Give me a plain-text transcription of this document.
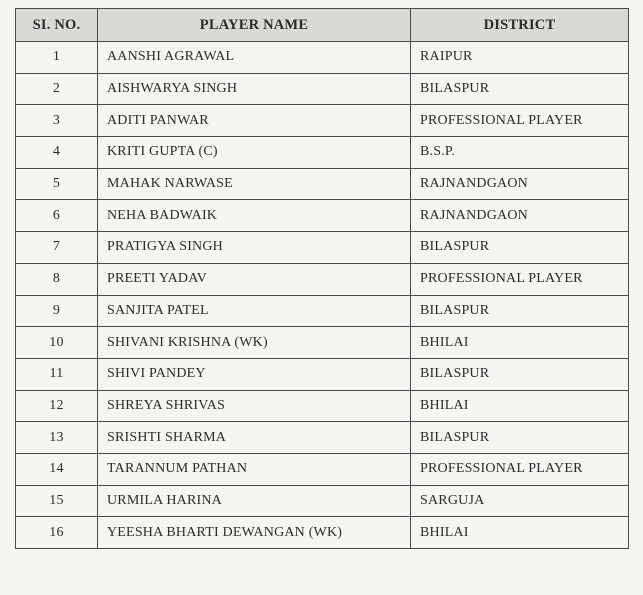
SI. NO.	PLAYER NAME	DISTRICT
1	AANSHI AGRAWAL	RAIPUR
2	AISHWARYA SINGH	BILASPUR
3	ADITI PANWAR	PROFESSIONAL PLAYER
4	KRITI GUPTA (C)	B.S.P.
5	MAHAK NARWASE	RAJNANDGAON
6	NEHA BADWAIK	RAJNANDGAON
7	PRATIGYA SINGH	BILASPUR
8	PREETI YADAV	PROFESSIONAL PLAYER
9	SANJITA PATEL	BILASPUR
10	SHIVANI KRISHNA (WK)	BHILAI
11	SHIVI PANDEY	BILASPUR
12	SHREYA SHRIVAS	BHILAI
13	SRISHTI SHARMA	BILASPUR
14	TARANNUM PATHAN	PROFESSIONAL PLAYER
15	URMILA HARINA	SARGUJA
16	YEESHA BHARTI DEWANGAN (WK)	BHILAI
